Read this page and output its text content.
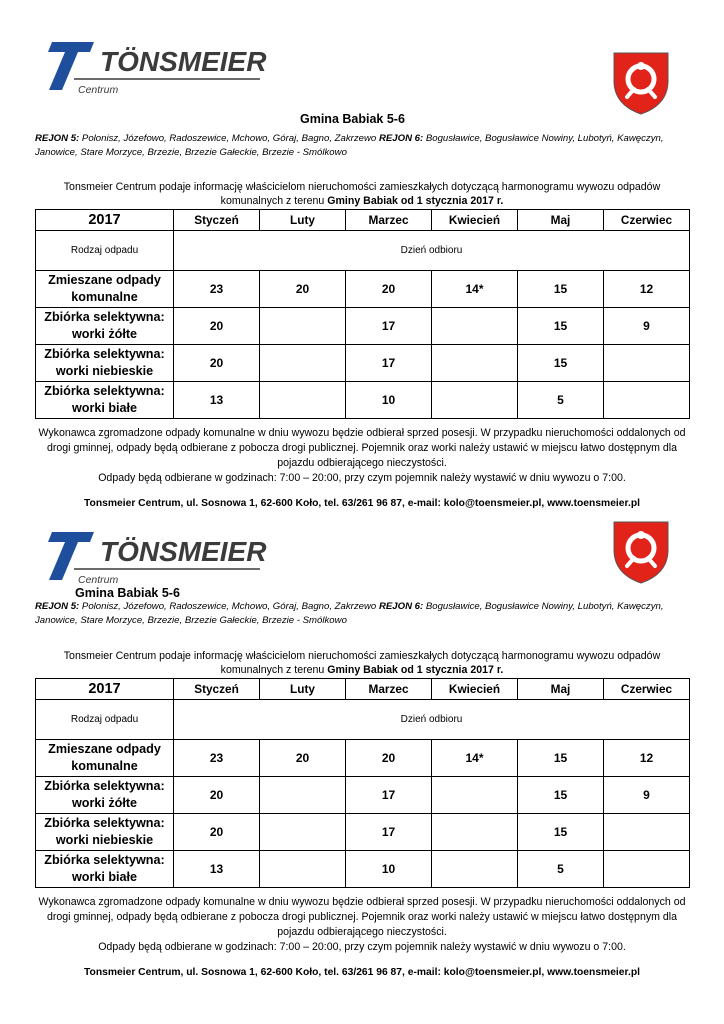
TÖNSMEIER
Centrum
Gmina Babiak 5-6
REJON 5: Polonisz, Józefowo, Radoszewice, Mchowo, Góraj, Bagno, Zakrzewo REJON 6: Bogusławice, Bogusławice Nowiny, Lubotyń, Kawęczyn, Janowice, Stare Morzyce, Brzezie, Brzezie Gałeckie, Brzezie - Smólkowo
Tonsmeier Centrum podaje informację właścicielom nieruchomości zamieszkałych dotyczącą harmonogramu wywozu odpadów komunalnych z terenu Gminy Babiak od 1 stycznia 2017 r.
2017	Styczeń	Luty	Marzec	Kwiecień	Maj	Czerwiec
Rodzaj odpadu	Dzień odbioru					

Zmieszane odpady
komunalne	23	20	20	14*	15	12

Zbiórka selektywna:
worki żółte	20		17		15	9

Zbiórka selektywna:
worki niebieskie	20		17		15	

Zbiórka selektywna:
worki białe	13		10		5	
Wykonawca zgromadzone odpady komunalne w dniu wywozu będzie odbierał sprzed posesji. W przypadku nieruchomości oddalonych od drogi gminnej, odpady będą odbierane z pobocza drogi publicznej. Pojemnik oraz worki należy ustawić w miejscu łatwo dostępnym dla pojazdu odbierającego nieczystości.
Odpady będą odbierane w godzinach: 7:00 – 20:00, przy czym pojemnik należy wystawić w dniu wywozu o 7:00.
Tonsmeier Centrum, ul. Sosnowa 1, 62-600 Koło, tel. 63/261 96 87, e-mail: kolo@toensmeier.pl, www.toensmeier.pl
TÖNSMEIER
Centrum
Gmina Babiak 5-6
REJON 5: Polonisz, Józefowo, Radoszewice, Mchowo, Góraj, Bagno, Zakrzewo REJON 6: Bogusławice, Bogusławice Nowiny, Lubotyń, Kawęczyn, Janowice, Stare Morzyce, Brzezie, Brzezie Gałeckie, Brzezie - Smólkowo
Tonsmeier Centrum podaje informację właścicielom nieruchomości zamieszkałych dotyczącą harmonogramu wywozu odpadów komunalnych z terenu Gminy Babiak od 1 stycznia 2017 r.
2017	Styczeń	Luty	Marzec	Kwiecień	Maj	Czerwiec
Rodzaj odpadu	Dzień odbioru					

Zmieszane odpady
komunalne	23	20	20	14*	15	12

Zbiórka selektywna:
worki żółte	20		17		15	9

Zbiórka selektywna:
worki niebieskie	20		17		15	

Zbiórka selektywna:
worki białe	13		10		5	
Wykonawca zgromadzone odpady komunalne w dniu wywozu będzie odbierał sprzed posesji. W przypadku nieruchomości oddalonych od drogi gminnej, odpady będą odbierane z pobocza drogi publicznej. Pojemnik oraz worki należy ustawić w miejscu łatwo dostępnym dla pojazdu odbierającego nieczystości.
Odpady będą odbierane w godzinach: 7:00 – 20:00, przy czym pojemnik należy wystawić w dniu wywozu o 7:00.
Tonsmeier Centrum, ul. Sosnowa 1, 62-600 Koło, tel. 63/261 96 87, e-mail: kolo@toensmeier.pl, www.toensmeier.pl
